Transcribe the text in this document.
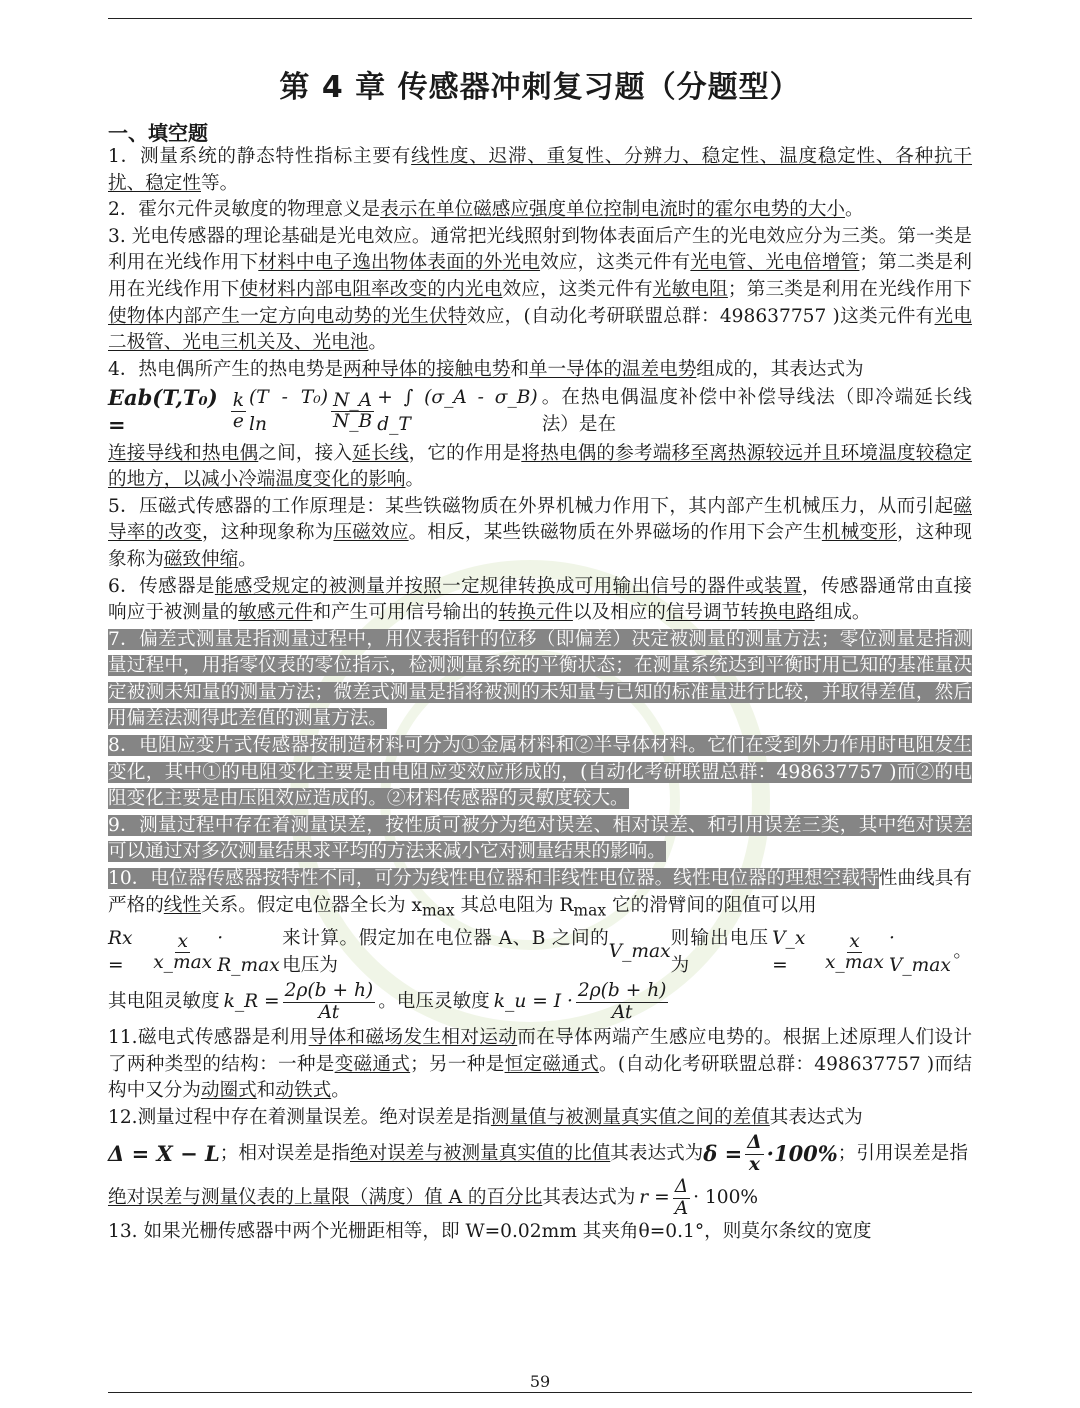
第 4 章 传感器冲刺复习题（分题型）
一、填空题

1．测量系统的静态特性指标主要有线性度、迟滞、重复性、分辨力、稳定性、温度稳定性、各种抗干扰、稳定性等。

2．霍尔元件灵敏度的物理意义是表示在单位磁感应强度单位控制电流时的霍尔电势的大小。

3. 光电传感器的理论基础是光电效应。通常把光线照射到物体表面后产生的光电效应分为三类。第一类是利用在光线作用下材料中电子逸出物体表面的外光电效应，这类元件有光电管、光电倍增管；第二类是利用在光线作用下使材料内部电阻率改变的内光电效应，这类元件有光敏电阻；第三类是利用在光线作用下使物体内部产生一定方向电动势的光生伏特效应，(自动化考研联盟总群：498637757 )这类元件有光电二极管、光电三机关及、光电池。

4．热电偶所产生的热电势是两种导体的接触电势和单一导体的温差电势组成的，其表达式为

Eab(T,T₀) =	$\frac{k}{e} (T - T_0)$ ln	$\frac{N\_A}{N\_B}$ + ∫ (σ_A - σ_B) d_T
。在热电偶温度补偿中补偿导线法（即冷端延长线法）是在

连接导线和热电偶之间，接入延长线，它的作用是将热电偶的参考端移至离热源较远并且环境温度较稳定的地方，以减小冷端温度变化的影响。

5．压磁式传感器的工作原理是：某些铁磁物质在外界机械力作用下，其内部产生机械压力，从而引起磁导率的改变，这种现象称为压磁效应。相反，某些铁磁物质在外界磁场的作用下会产生机械变形，这种现象称为磁致伸缩。

6．传感器是能感受规定的被测量并按照一定规律转换成可用输出信号的器件或装置，传感器通常由直接响应于被测量的敏感元件和产生可用信号输出的转换元件以及相应的信号调节转换电路组成。

7．偏差式测量是指测量过程中，用仪表指针的位移（即偏差）决定被测量的测量方法；零位测量是指测量过程中，用指零仪表的零位指示，检测测量系统的平衡状态；在测量系统达到平衡时用已知的基准量决定被测未知量的测量方法；微差式测量是指将被测的未知量与已知的标准量进行比较，并取得差值，然后用偏差法测得此差值的测量方法。

8．电阻应变片式传感器按制造材料可分为①金属材料和②半导体材料。它们在受到外力作用时电阻发生变化，其中①的电阻变化主要是由电阻应变效应形成的，(自动化考研联盟总群：498637757 )而②的电阻变化主要是由压阻效应造成的。②材料传感器的灵敏度较大。

9．测量过程中存在着测量误差，按性质可被分为绝对误差、相对误差、和引用误差三类，其中绝对误差可以通过对多次测量结果求平均的方法来减小它对测量结果的影响。

10．电位器传感器按特性不同，可分为线性电位器和非线性电位器。线性电位器的理想空载特性曲线具有严格的线性关系。假定电位器全长为 $x_{max}$ 其总电阻为 $R_{max}$ 它的滑臂间的阻值可以用

Rx =	$\frac{x}{x\_\max}$ · R_max
来计算。假定加在电位器 A、B 之间的电压为
V_max
则输出电压为
V_x =	$\frac{x}{x\_\max}$ · V_max
。
其电阻灵敏度 k_R = $\frac{2\rho(b + h)}{At}$ 。电压灵敏度 k_u = $I \cdot \frac{2\rho(b + h)}{At}$

11.磁电式传感器是利用导体和磁场发生相对运动而在导体两端产生感应电势的。根据上述原理人们设计了两种类型的结构：一种是变磁通式；另一种是恒定磁通式。(自动化考研联盟总群：498637757 )而结构中又分为动圈式和动铁式。

12.测量过程中存在着测量误差。绝对误差是指测量值与被测量真实值之间的差值其表达式为

Δ = X − L ；相对误差是指 绝对误差与被测量真实值的比值 其表达式为 $\delta = \frac{\Delta}{x} \cdot 100\%$ ；引用误差是指

绝对误差与测量仪表的上量限（满度）值 A 的百分比其表达式为 $r = \frac{\Delta}{A} \cdot 100\%$

13. 如果光栅传感器中两个光栅距相等，即 W=0.02mm 其夹角θ=0.1°，则莫尔条纹的宽度

59
